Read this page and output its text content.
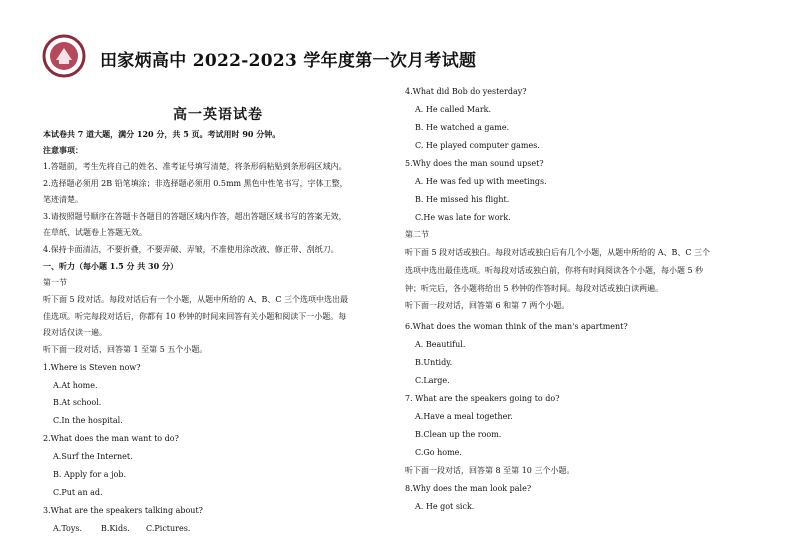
田家炳高中 2022-2023 学年度第一次月考试题
高一英语试卷
本试卷共 7 道大题，满分 120 分，共 5 页。考试用时 90 分钟。
注意事项：
1.答题前，考生先将自己的姓名、准考证号填写清楚，将条形码粘贴到条形码区域内。
2.选择题必须用 2B 铅笔填涂；非选择题必须用 0.5mm 黑色中性笔书写，字体工整，
笔迹清楚。
3.请按照题号顺序在答题卡各题目的答题区域内作答，超出答题区域书写的答案无效，
在草纸、试题卷上答题无效。
4.保持卡面清洁，不要折叠，不要弄破、弄皱，不准使用涂改液、修正带、刮纸刀。
一、听力（每小题 1.5 分 共 30 分）
第一节
听下面 5 段对话。每段对话后有一个小题，从题中所给的 A、B、C 三个选项中选出最
佳选项。听完每段对话后，你都有 10 秒钟的时间来回答有关小题和阅读下一小题。每
段对话仅读一遍。
听下面一段对话，回答第 1 至第 5 五个小题。
1.Where is Steven now?
A.At home.
B.At school.
C.In the hospital.
2.What does the man want to do?
A.Surf the Internet.
B. Apply for a job.
C.Put an ad.
3.What are the speakers talking about?
A.Toys. B.Kids. C.Pictures.
4.What did Bob do yesterday?
A. He called Mark.
B. He watched a game.
C. He played computer games.
5.Why does the man sound upset?
A. He was fed up with meetings.
B. He missed his flight.
C.He was late for work.
第二节
听下面 5 段对话或独白。每段对话或独白后有几个小题，从题中所给的 A、B、C 三个
选项中选出最佳选项。听每段对话或独白前，你将有时间阅读各个小题，每小题 5 秒
钟；听完后，各小题将给出 5 秒钟的作答时间。每段对话或独白读两遍。
听下面一段对话，回答第 6 和第 7 两个小题。
6.What does the woman think of the man's apartment?
A. Beautiful.
B.Untidy.
C.Large.
7. What are the speakers going to do?
A.Have a meal together.
B.Clean up the room.
C.Go home.
听下面一段对话，回答第 8 至第 10 三个小题。
8.Why does the man look pale?
A. He got sick.
